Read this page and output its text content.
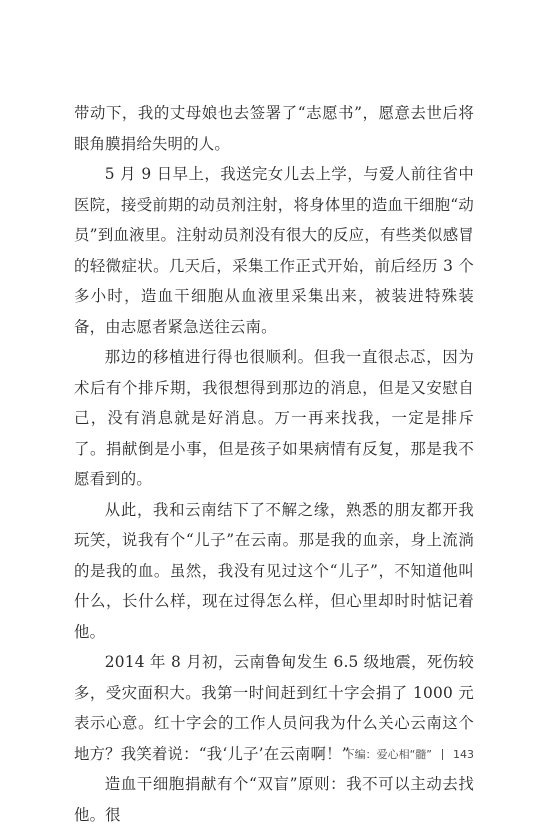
带动下，我的丈母娘也去签署了“志愿书”，愿意去世后将眼角膜捐给失明的人。

5 月 9 日早上，我送完女儿去上学，与爱人前往省中医院，接受前期的动员剂注射，将身体里的造血干细胞“动员”到血液里。注射动员剂没有很大的反应，有些类似感冒的轻微症状。几天后，采集工作正式开始，前后经历 3 个多小时，造血干细胞从血液里采集出来，被装进特殊装备，由志愿者紧急送往云南。

那边的移植进行得也很顺利。但我一直很忐忑，因为术后有个排斥期，我很想得到那边的消息，但是又安慰自己，没有消息就是好消息。万一再来找我，一定是排斥了。捐献倒是小事，但是孩子如果病情有反复，那是我不愿看到的。

从此，我和云南结下了不解之缘，熟悉的朋友都开我玩笑，说我有个“儿子”在云南。那是我的血亲，身上流淌的是我的血。虽然，我没有见过这个“儿子”，不知道他叫什么，长什么样，现在过得怎么样，但心里却时时惦记着他。

2014 年 8 月初，云南鲁甸发生 6.5 级地震，死伤较多，受灾面积大。我第一时间赶到红十字会捐了 1000 元表示心意。红十字会的工作人员问我为什么关心云南这个地方？我笑着说：“我‘儿子’在云南啊！”

造血干细胞捐献有个“双盲”原则：我不可以主动去找他。很

下编：爱心相“髓” 143
